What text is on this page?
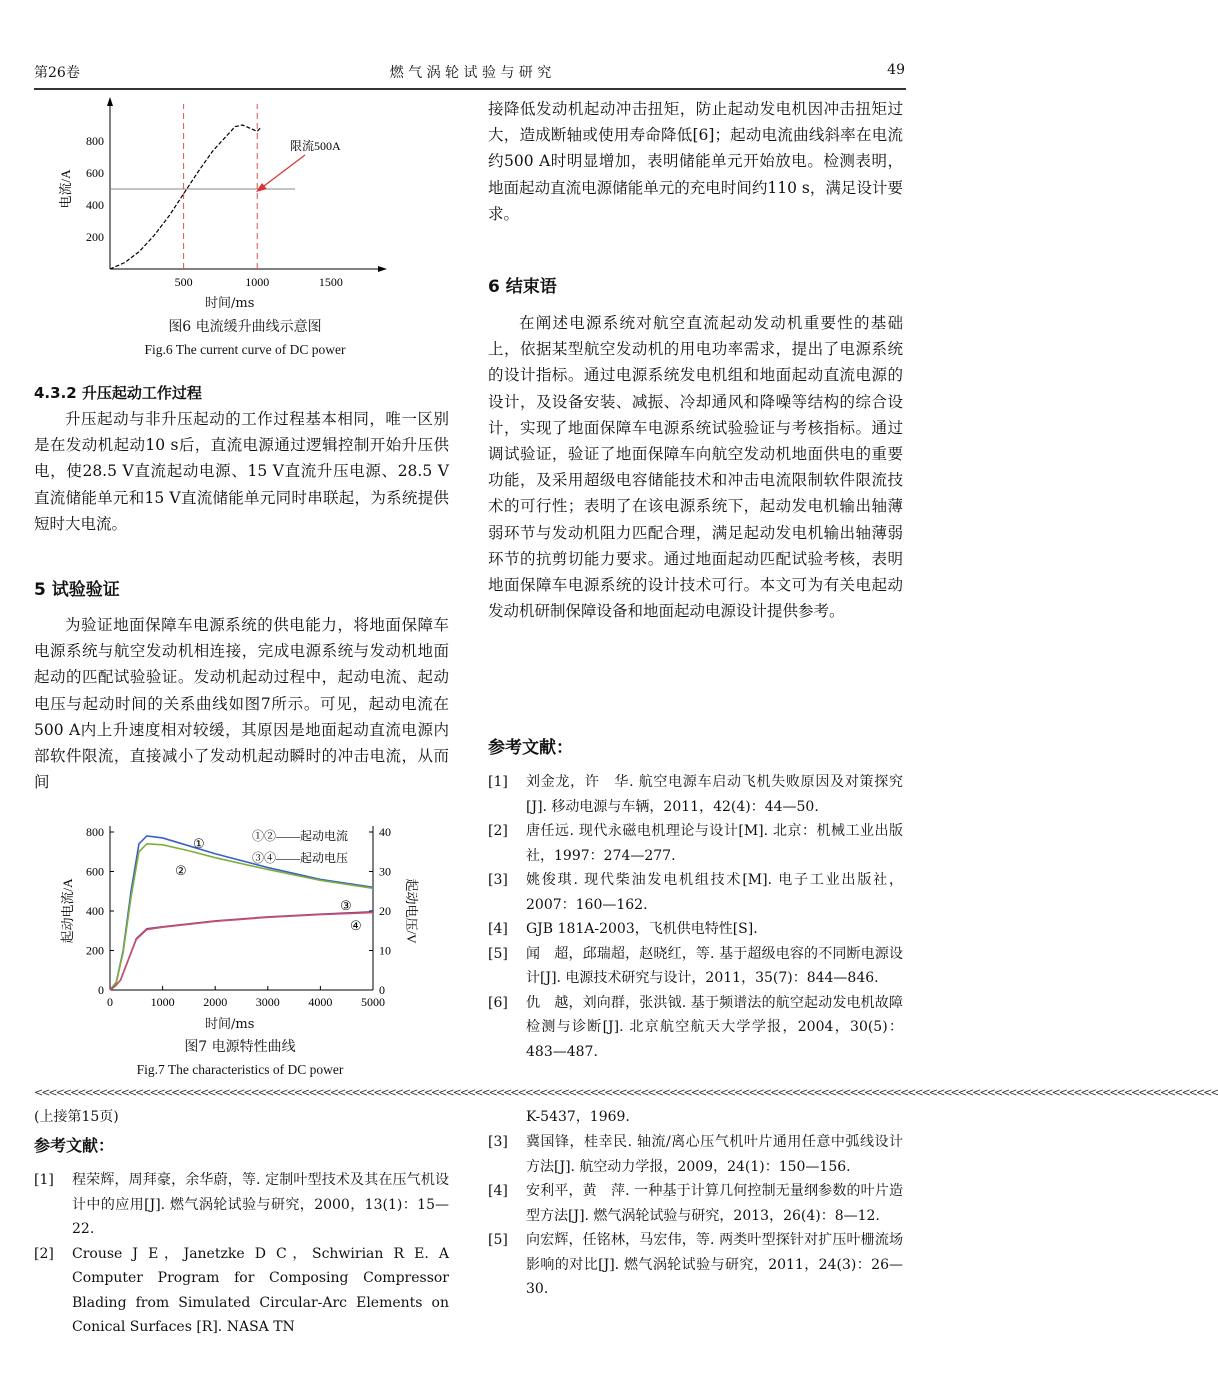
第26卷	燃 气 涡 轮 试 验 与 研 究	49
200
400
600
800
500	1000	1500
电流/A
限流500A
时间/ms
图6 电流缓升曲线示意图
Fig.6 The current curve of DC power
4.3.2 升压起动工作过程

升压起动与非升压起动的工作过程基本相同，唯一区别是在发动机起动10 s后，直流电源通过逻辑控制开始升压供电，使28.5 V直流起动电源、15 V直流升压电源、28.5 V直流储能单元和15 V直流储能单元同时串联起，为系统提供短时大电流。

5 试验验证

为验证地面保障车电源系统的供电能力，将地面保障车电源系统与航空发动机相连接，完成电源系统与发动机地面起动的匹配试验验证。发动机起动过程中，起动电流、起动电压与起动时间的关系曲线如图7所示。可见，起动电流在500 A内上升速度相对较缓，其原因是地面起动直流电源内部软件限流，直接减小了发动机起动瞬时的冲击电流，从而间

0
200
400
600
800
0
10
20
30
40
0	1000 2000 3000 4000 5000
起动电流/A	起动电压/V
①②——起动电流
③④——起动电压
①
②
③
④
时间/ms
图7 电源特性曲线
Fig.7 The characteristics of DC power

接降低发动机起动冲击扭矩，防止起动发电机因冲击扭矩过大，造成断轴或使用寿命降低[6]；起动电流曲线斜率在电流约500 A时明显增加，表明储能单元开始放电。检测表明，地面起动直流电源储能单元的充电时间约110 s，满足设计要求。

6 结束语

在阐述电源系统对航空直流起动发动机重要性的基础上，依据某型航空发动机的用电功率需求，提出了电源系统的设计指标。通过电源系统发电机组和地面起动直流电源的设计，及设备安装、减振、冷却通风和降噪等结构的综合设计，实现了地面保障车电源系统试验验证与考核指标。通过调试验证，验证了地面保障车向航空发动机地面供电的重要功能，及采用超级电容储能技术和冲击电流限制软件限流技术的可行性；表明了在该电源系统下，起动发电机输出轴薄弱环节与发动机阻力匹配合理，满足起动发电机输出轴薄弱环节的抗剪切能力要求。通过地面起动匹配试验考核，表明地面保障车电源系统的设计技术可行。本文可为有关电起动发动机研制保障设备和地面起动电源设计提供参考。

参考文献：
[1]	刘金龙，许　华. 航空电源车启动飞机失败原因及对策探究[J]. 移动电源与车辆，2011，42(4)：44—50.
[2]	唐任远. 现代永磁电机理论与设计[M]. 北京：机械工业出版社，1997：274—277.
[3]	姚俊琪. 现代柴油发电机组技术[M]. 电子工业出版社，2007：160—162.
[4]	GJB 181A-2003，飞机供电特性[S].
[5]	闻　超，邱瑞超，赵晓红，等. 基于超级电容的不同断电源设计[J]. 电源技术研究与设计，2011，35(7)：844—846.
[6]	仇　越，刘向群，张洪钺. 基于频谱法的航空起动发电机故障检测与诊断[J]. 北京航空航天大学学报，2004，30(5)：483—487.
<<<<<<<<<<<<<<<<<<<<<<<<<<<<<<<<<<<<<<<<<<<<<<<<<<<<<<<<<<<<<<<<<<<<<<<<<<<<<<<<<<<<<<<<<<<<<<<<<<<<<<<<<<<<<<<<<<<<<<<<<<<<<<<<<<<<<<<<<<<<<<<<<<<<<<<<<<<<<<<<<<<<
(上接第15页)
参考文献：
[1]	程荣辉，周拜豪，余华蔚，等. 定制叶型技术及其在压气机设计中的应用[J]. 燃气涡轮试验与研究，2000，13(1)：15—22.
[2]	Crouse J E，Janetzke D C，Schwirian R E. A Computer Program for Composing Compressor Blading from Simulated Circular-Arc Elements on Conical Surfaces [R]. NASA TN
K-5437，1969.
[3]	冀国锋，桂幸民. 轴流/离心压气机叶片通用任意中弧线设计方法[J]. 航空动力学报，2009，24(1)：150—156.
[4]	安利平，黄　萍. 一种基于计算几何控制无量纲参数的叶片造型方法[J]. 燃气涡轮试验与研究，2013，26(4)：8—12.
[5]	向宏辉，任铭林，马宏伟，等. 两类叶型探针对扩压叶栅流场影响的对比[J]. 燃气涡轮试验与研究，2011，24(3)：26—30.
